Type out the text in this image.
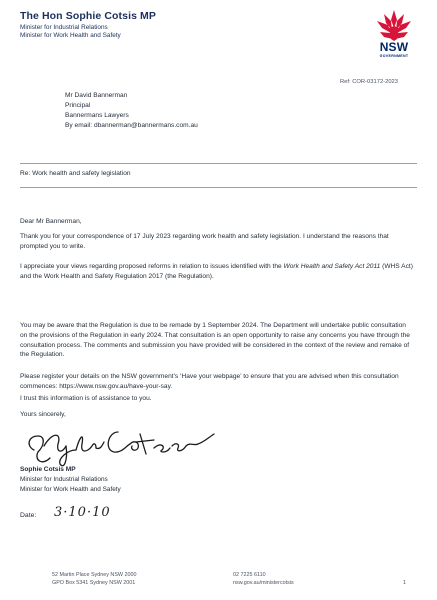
The Hon Sophie Cotsis MP
Minister for Industrial Relations
Minister for Work Health and Safety
NSW
GOVERNMENT
Ref: COR-03172-2023
Mr David Bannerman
Principal
Bannermans Lawyers
By email: dbannerman@bannermans.com.au
Re: Work health and safety legislation
Dear Mr Bannerman,
Thank you for your correspondence of 17 July 2023 regarding work health and safety legislation. I understand the reasons that prompted you to write.
I appreciate your views regarding proposed reforms in relation to issues identified with the Work Health and Safety Act 2011 (WHS Act) and the Work Health and Safety Regulation 2017 (the Regulation).
You may be aware that the Regulation is due to be remade by 1 September 2024. The Department will undertake public consultation on the provisions of the Regulation in early 2024. That consultation is an open opportunity to raise any concerns you have through the consultation process. The comments and submission you have provided will be considered in the context of the review and remake of the Regulation.
Please register your details on the NSW government’s ‘Have your webpage’ to ensure that you are advised when this consultation commences: https://www.nsw.gov.au/have-your-say.
I trust this information is of assistance to you.
Yours sincerely,
Sophie Cotsis MP
Minister for Industrial Relations
Minister for Work Health and Safety
Date: 3·10·10
52 Martin Place Sydney NSW 2000
GPO Box 5341 Sydney NSW 2001
02 7225 6110
nsw.gov.au/ministercotsis	1
